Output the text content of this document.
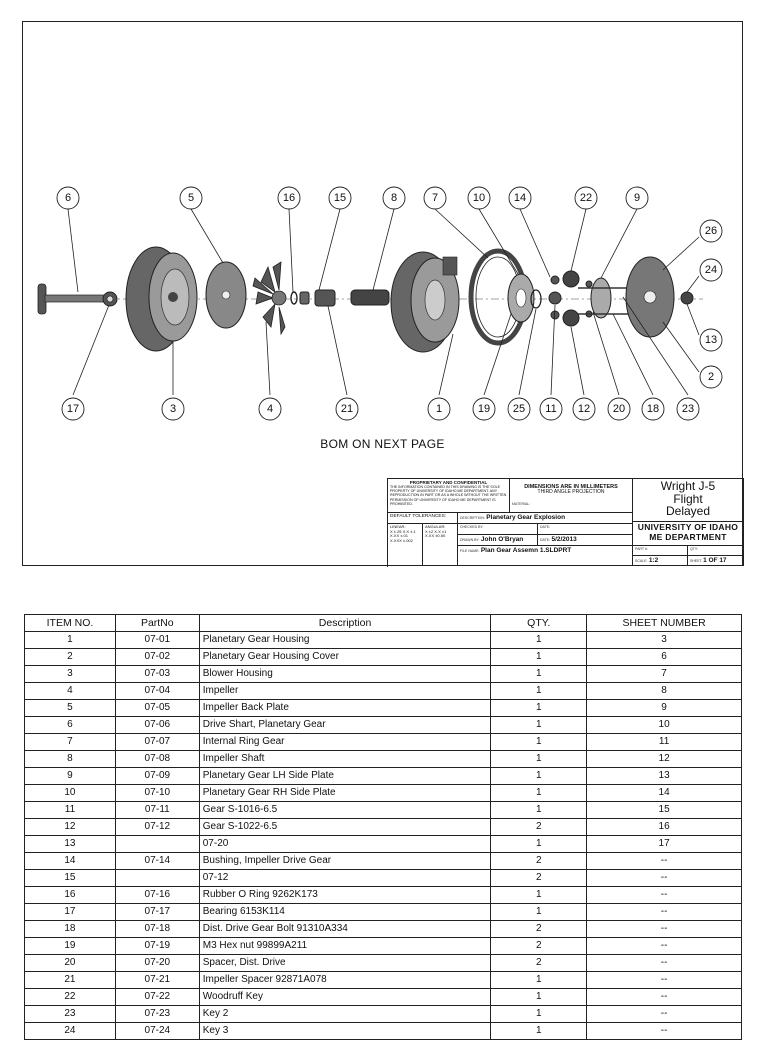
6	5	16	15	8	7	10	14	22	9
26
24
13
2
17	3	4	21	1	19 25 11 12 20 18 23
BOM ON NEXT PAGE
PROPRIETARY AND CONFIDENTIAL
THE INFORMATION CONTAINED IN THIS DRAWING IS THE SOLE PROPERTY OF UNIVERSITY OF IDAHO ME DEPARTMENT. ANY REPRODUCTION IN PART OR AS A WHOLE WITHOUT THE WRITTEN PERMISSION OF UNIVERSITY OF IDAHO ME DEPARTMENT IS PROHIBITED.
DIMENSIONS ARE IN MILLIMETERS
THIRD ANGLE PROJECTION
MATERIAL:
Wright J-5
Flight
Delayed
DEFAULT TOLERANCES:
LINEAR:
X ±.25 X.X ±.1 X.XX ±.01 X.XXX ±.002
ANGULAR:
X ±2 X.X ±1 X.XX ±0.50
DESCRIPTION: Planetary Gear Explosion
CHECKED BY:	DATE:
DRAWN BY: John O'Bryan	DATE: 5/2/2013
FILE NAME: Plan Gear Assemn 1.SLDPRT
UNIVERSITY OF IDAHO
ME DEPARTMENT
PART #:	QTY:
SCALE: 1:2	SHEET 1 OF 17
ITEM NO.	PartNo	Description	QTY.	SHEET NUMBER
1	07-01	Planetary Gear Housing	1	3
2	07-02	Planetary Gear Housing Cover	1	6
3	07-03	Blower Housing	1	7
4	07-04	Impeller	1	8
5	07-05	Impeller Back Plate	1	9
6	07-06	Drive Shart, Planetary Gear	1	10
7	07-07	Internal Ring Gear	1	11
8	07-08	Impeller Shaft	1	12
9	07-09	Planetary Gear LH Side Plate	1	13
10	07-10	Planetary Gear RH Side Plate	1	14
11	07-11	Gear S-1016-6.5	1	15
12	07-12	Gear S-1022-6.5	2	16
13		07-20	1	17
14	07-14	Bushing, Impeller Drive Gear	2	--
15		07-12	2	--
16	07-16	Rubber O Ring 9262K173	1	--
17	07-17	Bearing 6153K114	1	--
18	07-18	Dist. Drive Gear Bolt 91310A334	2	--
19	07-19	M3 Hex nut 99899A211	2	--
20	07-20	Spacer, Dist. Drive	2	--
21	07-21	Impeller Spacer 92871A078	1	--
22	07-22	Woodruff Key	1	--
23	07-23	Key 2	1	--
24	07-24	Key 3	1	--
